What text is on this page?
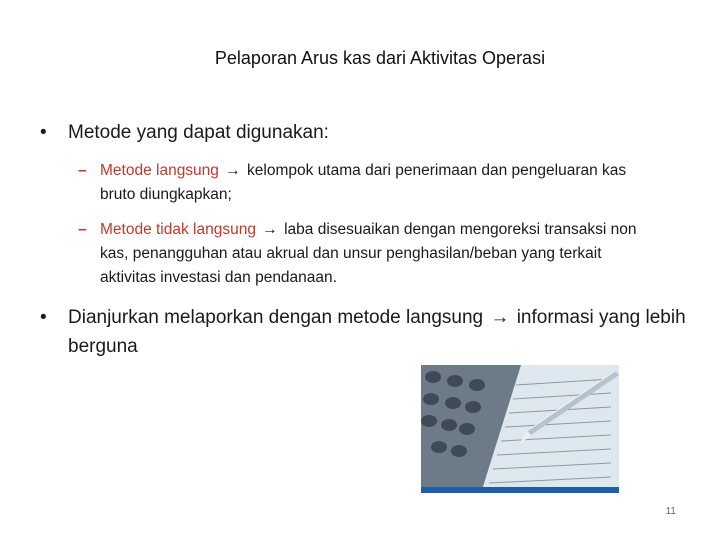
Pelaporan Arus kas dari Aktivitas Operasi
•	Metode yang dapat digunakan:
– Metode langsung → kelompok utama dari penerimaan dan pengeluaran kas bruto diungkapkan;
– Metode tidak langsung → laba disesuaikan dengan mengoreksi transaksi non kas, penangguhan atau akrual dan unsur penghasilan/beban yang terkait aktivitas investasi dan pendanaan.
•	Dianjurkan melaporkan dengan metode langsung → informasi yang lebih berguna
11
